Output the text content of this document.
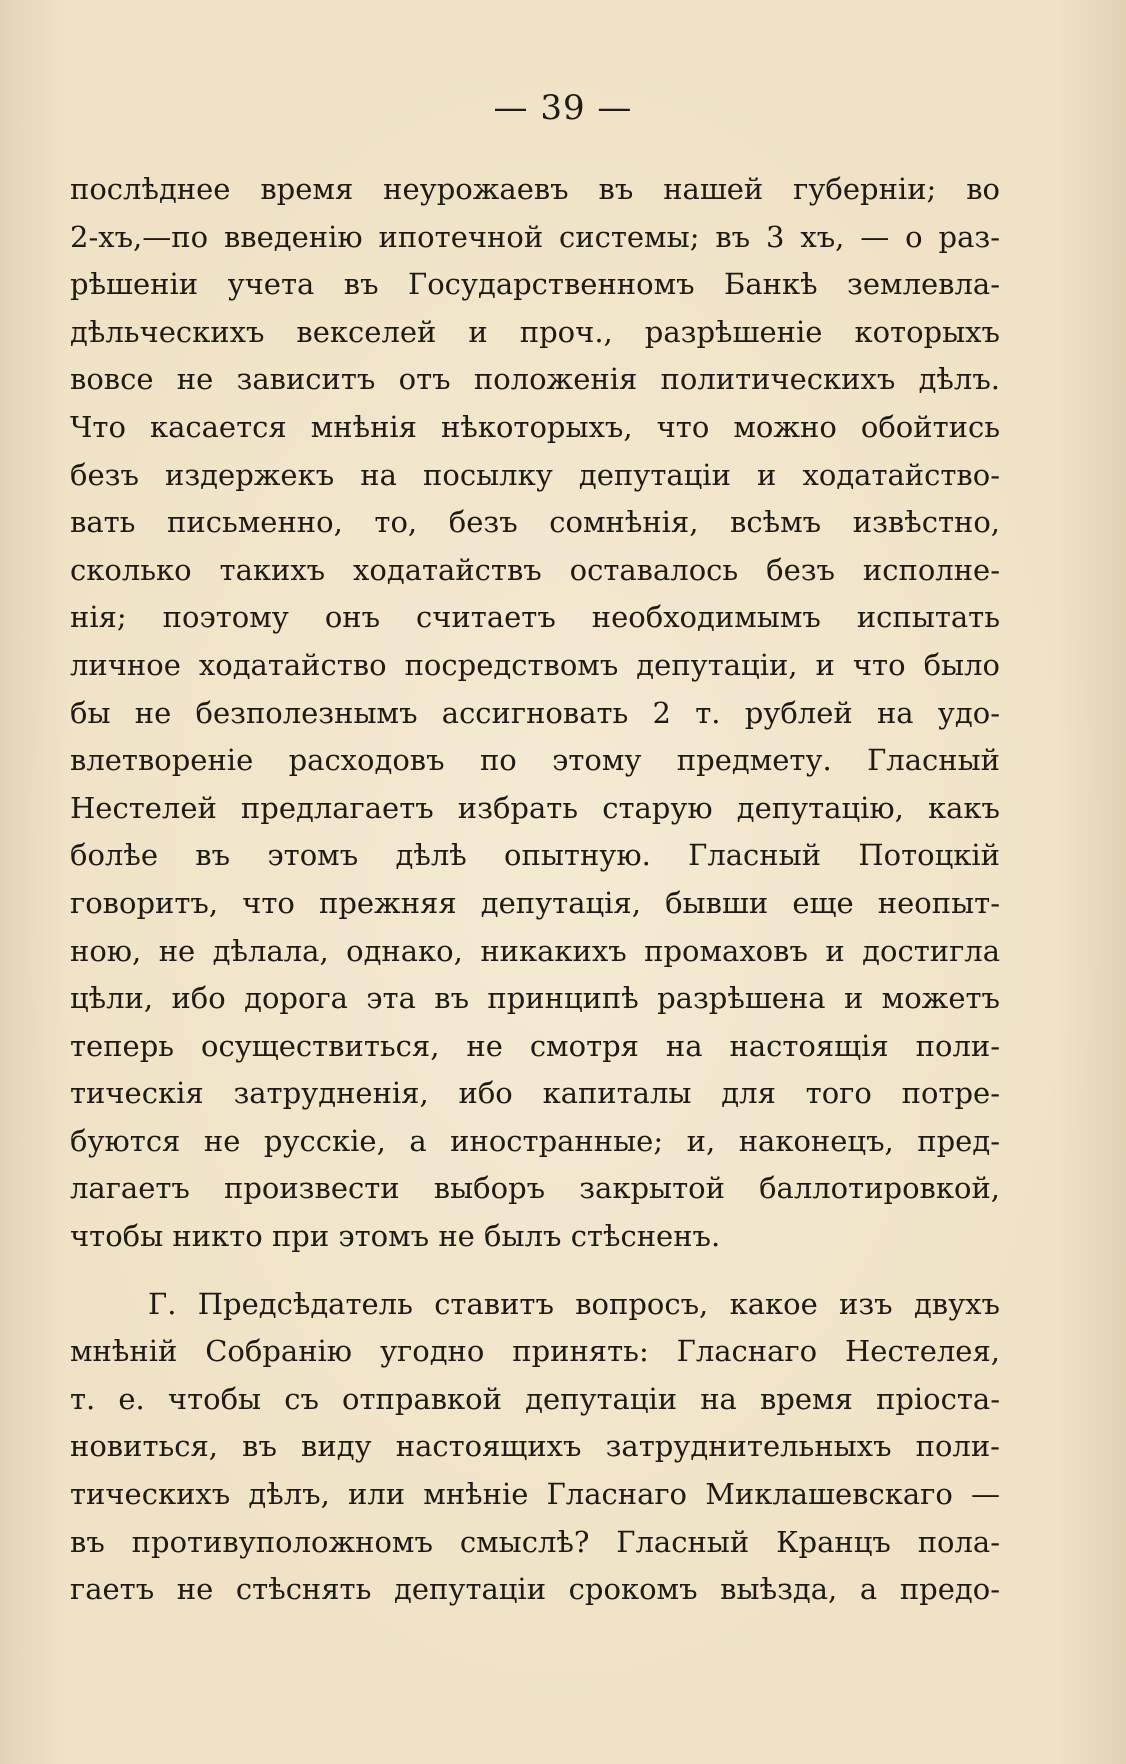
— 39 —
послѣднее время неурожаевъ въ нашей губерніи; во
2-хъ,—по введенію ипотечной системы; въ 3 хъ, — о раз-
рѣшеніи учета въ Государственномъ Банкѣ землевла-
дѣльческихъ векселей и проч., разрѣшеніе которыхъ
вовсе не зависитъ отъ положенія политическихъ дѣлъ.
Что касается мнѣнія нѣкоторыхъ, что можно обойтись
безъ издержекъ на посылку депутаціи и ходатайство-
вать письменно, то, безъ сомнѣнія, всѣмъ извѣстно,
сколько такихъ ходатайствъ оставалось безъ исполне-
нія; поэтому онъ считаетъ необходимымъ испытать
личное ходатайство посредствомъ депутаціи, и что было
бы не безполезнымъ ассигновать 2 т. рублей на удо-
влетвореніе расходовъ по этому предмету. Гласный
Нестелей предлагаетъ избрать старую депутацію, какъ
болѣе въ этомъ дѣлѣ опытную. Гласный Потоцкій
говоритъ, что прежняя депутація, бывши еще неопыт-
ною, не дѣлала, однако, никакихъ промаховъ и достигла
цѣли, ибо дорога эта въ принципѣ разрѣшена и можетъ
теперь осуществиться, не смотря на настоящія поли-
тическія затрудненія, ибо капиталы для того потре-
буются не русскіе, а иностранные; и, наконецъ, пред-
лагаетъ произвести выборъ закрытой баллотировкой,
чтобы никто при этомъ не былъ стѣсненъ.
Г. Предсѣдатель ставитъ вопросъ, какое изъ двухъ
мнѣній Собранію угодно принять: Гласнаго Нестелея,
т. е. чтобы съ отправкой депутаціи на время пріоста-
новиться, въ виду настоящихъ затруднительныхъ поли-
тическихъ дѣлъ, или мнѣніе Гласнаго Миклашевскаго —
въ противуположномъ смыслѣ? Гласный Кранцъ пола-
гаетъ не стѣснять депутаціи срокомъ выѣзда, а предо-
